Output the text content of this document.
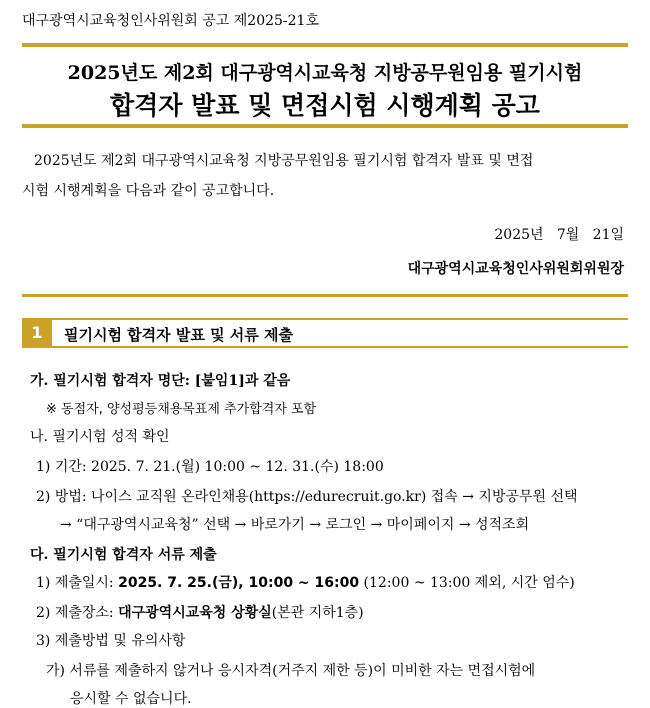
대구광역시교육청인사위원회 공고 제2025-21호
2025년도 제2회 대구광역시교육청 지방공무원임용 필기시험
합격자 발표 및 면접시험 시행계획 공고
2025년도 제2회 대구광역시교육청 지방공무원임용 필기시험 합격자 발표 및 면접
시험 시행계획을 다음과 같이 공고합니다.
2025년   7월   21일
대구광역시교육청인사위원회위원장
1	필기시험 합격자 발표 및 서류 제출
가. 필기시험 합격자 명단: [붙임1]과 같음
※ 동점자, 양성평등채용목표제 추가합격자 포함
나. 필기시험 성적 확인
1) 기간: 2025. 7. 21.(월) 10:00 ~ 12. 31.(수) 18:00
2) 방법: 나이스 교직원 온라인채용(https://edurecruit.go.kr) 접속 → 지방공무원 선택
→ “대구광역시교육청” 선택 → 바로가기 → 로그인 → 마이페이지 → 성적조회
다. 필기시험 합격자 서류 제출
1) 제출일시: 2025. 7. 25.(금), 10:00 ~ 16:00 (12:00 ~ 13:00 제외, 시간 엄수)
2) 제출장소: 대구광역시교육청 상황실(본관 지하1층)
3) 제출방법 및 유의사항
가) 서류를 제출하지 않거나 응시자격(거주지 제한 등)이 미비한 자는 면접시험에
응시할 수 없습니다.
